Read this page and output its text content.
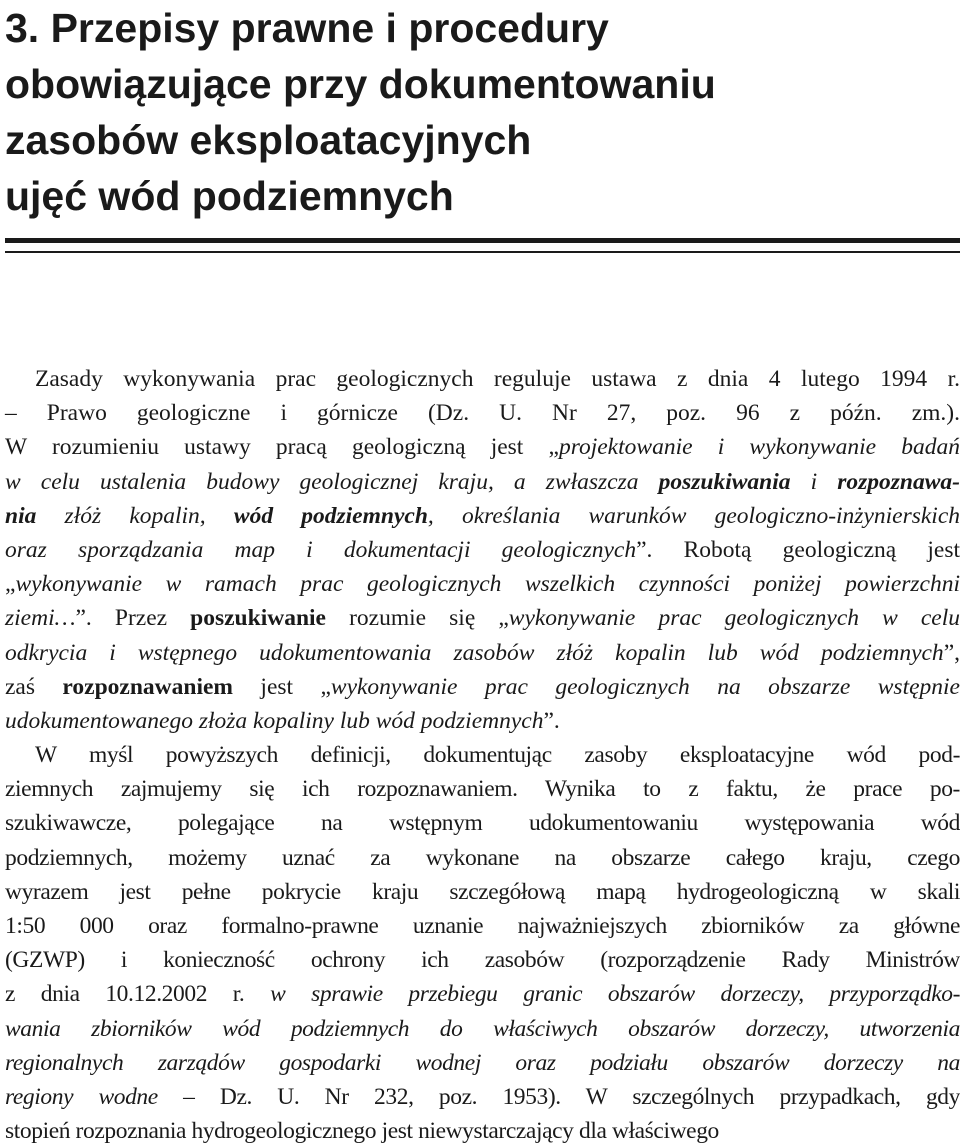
3. Przepisy prawne i procedury
obowiązujące przy dokumentowaniu
zasobów eksploatacyjnych
ujęć wód podziemnych
Zasady wykonywania prac geologicznych reguluje ustawa z dnia 4 lutego 1994 r.
– Prawo geologiczne i górnicze (Dz. U. Nr 27, poz. 96 z późn. zm.).
W rozumieniu ustawy pracą geologiczną jest „projektowanie i wykonywanie badań
w celu ustalenia budowy geologicznej kraju, a zwłaszcza poszukiwania i rozpoznawa-
nia złóż kopalin, wód podziemnych, określania warunków geologiczno-inżynierskich
oraz sporządzania map i dokumentacji geologicznych”. Robotą geologiczną jest
„wykonywanie w ramach prac geologicznych wszelkich czynności poniżej powierzchni
ziemi…”. Przez poszukiwanie rozumie się „wykonywanie prac geologicznych w celu
odkrycia i wstępnego udokumentowania zasobów złóż kopalin lub wód podziemnych”,
zaś rozpoznawaniem jest „wykonywanie prac geologicznych na obszarze wstępnie
udokumentowanego złoża kopaliny lub wód podziemnych”.
W myśl powyższych definicji, dokumentując zasoby eksploatacyjne wód pod-
ziemnych zajmujemy się ich rozpoznawaniem. Wynika to z faktu, że prace po-
szukiwawcze, polegające na wstępnym udokumentowaniu występowania wód
podziemnych, możemy uznać za wykonane na obszarze całego kraju, czego
wyrazem jest pełne pokrycie kraju szczegółową mapą hydrogeologiczną w skali
1:50 000 oraz formalno-prawne uznanie najważniejszych zbiorników za główne
(GZWP) i konieczność ochrony ich zasobów (rozporządzenie Rady Ministrów
z dnia 10.12.2002 r. w sprawie przebiegu granic obszarów dorzeczy, przyporządko-
wania zbiorników wód podziemnych do właściwych obszarów dorzeczy, utworzenia
regionalnych zarządów gospodarki wodnej oraz podziału obszarów dorzeczy na
regiony wodne – Dz. U. Nr 232, poz. 1953). W szczególnych przypadkach, gdy
stopień rozpoznania hydrogeologicznego jest niewystarczający dla właściwego
